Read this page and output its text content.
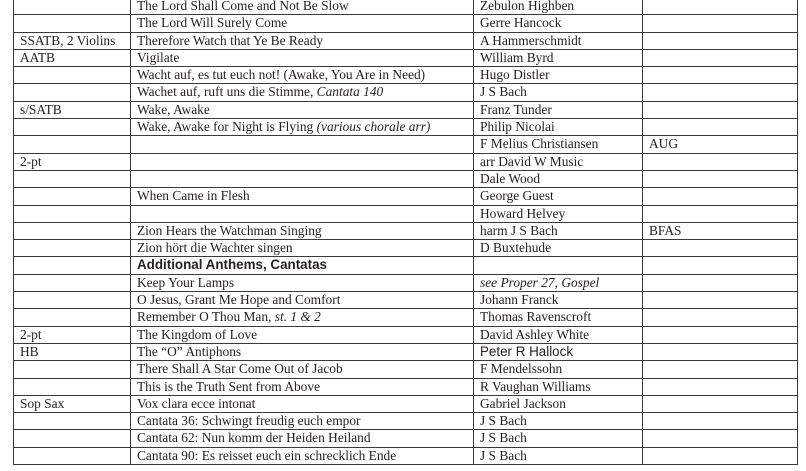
	The Lord Shall Come and Not Be Slow	Zebulon Highben	
	The Lord Will Surely Come	Gerre Hancock	
SSATB, 2 Violins	Therefore Watch that Ye Be Ready	A Hammerschmidt	
AATB	Vigilate	William Byrd	
	Wacht auf, es tut euch not! (Awake, You Are in Need)	Hugo Distler	
	Wachet auf, ruft uns die Stimme, Cantata 140	J S Bach	
s/SATB	Wake, Awake	Franz Tunder	
	Wake, Awake for Night is Flying (various chorale arr)	Philip Nicolai	
		F Melius Christiansen	AUG
2-pt		arr David W Music	
		Dale Wood	
	When Came in Flesh	George Guest	
		Howard Helvey	
	Zion Hears the Watchman Singing	harm J S Bach	BFAS
	Zion hört die Wachter singen	D Buxtehude	
	Additional Anthems, Cantatas		
	Keep Your Lamps	see Proper 27, Gospel	
	O Jesus, Grant Me Hope and Comfort	Johann Franck	
	Remember O Thou Man, st. 1 & 2	Thomas Ravenscroft	
2-pt	The Kingdom of Love	David Ashley White	
HB	The “O” Antiphons	Peter R Hallock	
	There Shall A Star Come Out of Jacob	F Mendelssohn	
	This is the Truth Sent from Above	R Vaughan Williams	
Sop Sax	Vox clara ecce intonat	Gabriel Jackson	
	Cantata 36: Schwingt freudig euch empor	J S Bach	
	Cantata 62: Nun komm der Heiden Heiland	J S Bach	
	Cantata 90: Es reisset euch ein schrecklich Ende	J S Bach	
